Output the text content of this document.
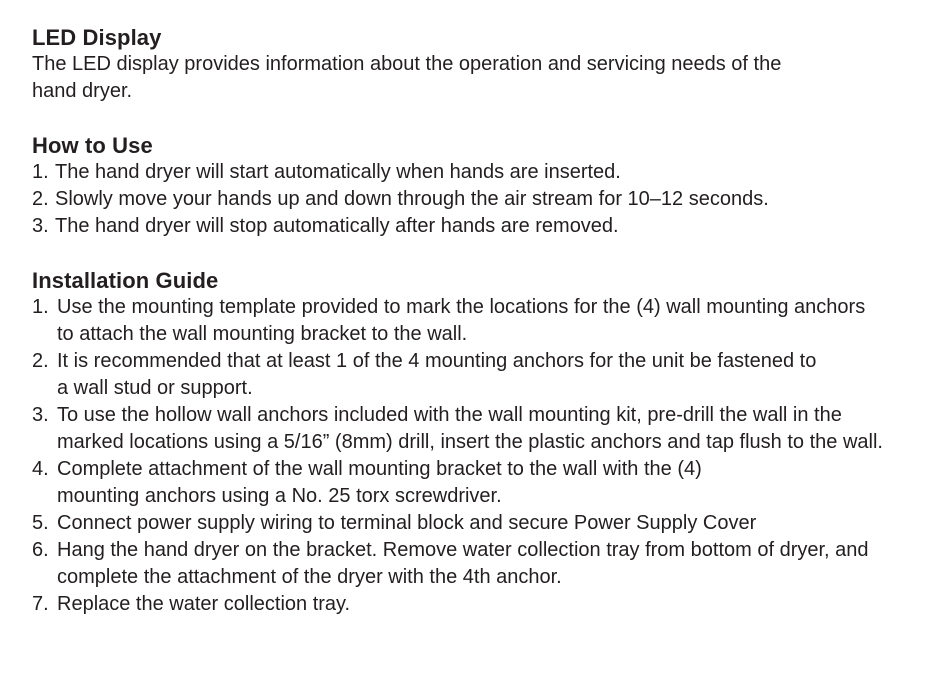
LED Display

The LED display provides information about the operation and servicing needs of the hand dryer.

How to Use
1. The hand dryer will start automatically when hands are inserted.
2. Slowly move your hands up and down through the air stream for 10–12 seconds.
3. The hand dryer will stop automatically after hands are removed.
Installation Guide
1. Use the mounting template provided to mark the locations for the (4) wall mounting anchors to attach the wall mounting bracket to the wall.
2. It is recommended that at least 1 of the 4 mounting anchors for the unit be fastened to a wall stud or support.
3. To use the hollow wall anchors included with the wall mounting kit, pre-drill the wall in the marked locations using a 5/16” (8mm) drill, insert the plastic anchors and tap flush to the wall.
4. Complete attachment of the wall mounting bracket to the wall with the (4) mounting anchors using a No. 25 torx screwdriver.
5. Connect power supply wiring to terminal block and secure Power Supply Cover
6. Hang the hand dryer on the bracket. Remove water collection tray from bottom of dryer, and complete the attachment of the dryer with the 4th anchor.
7. Replace the water collection tray.
